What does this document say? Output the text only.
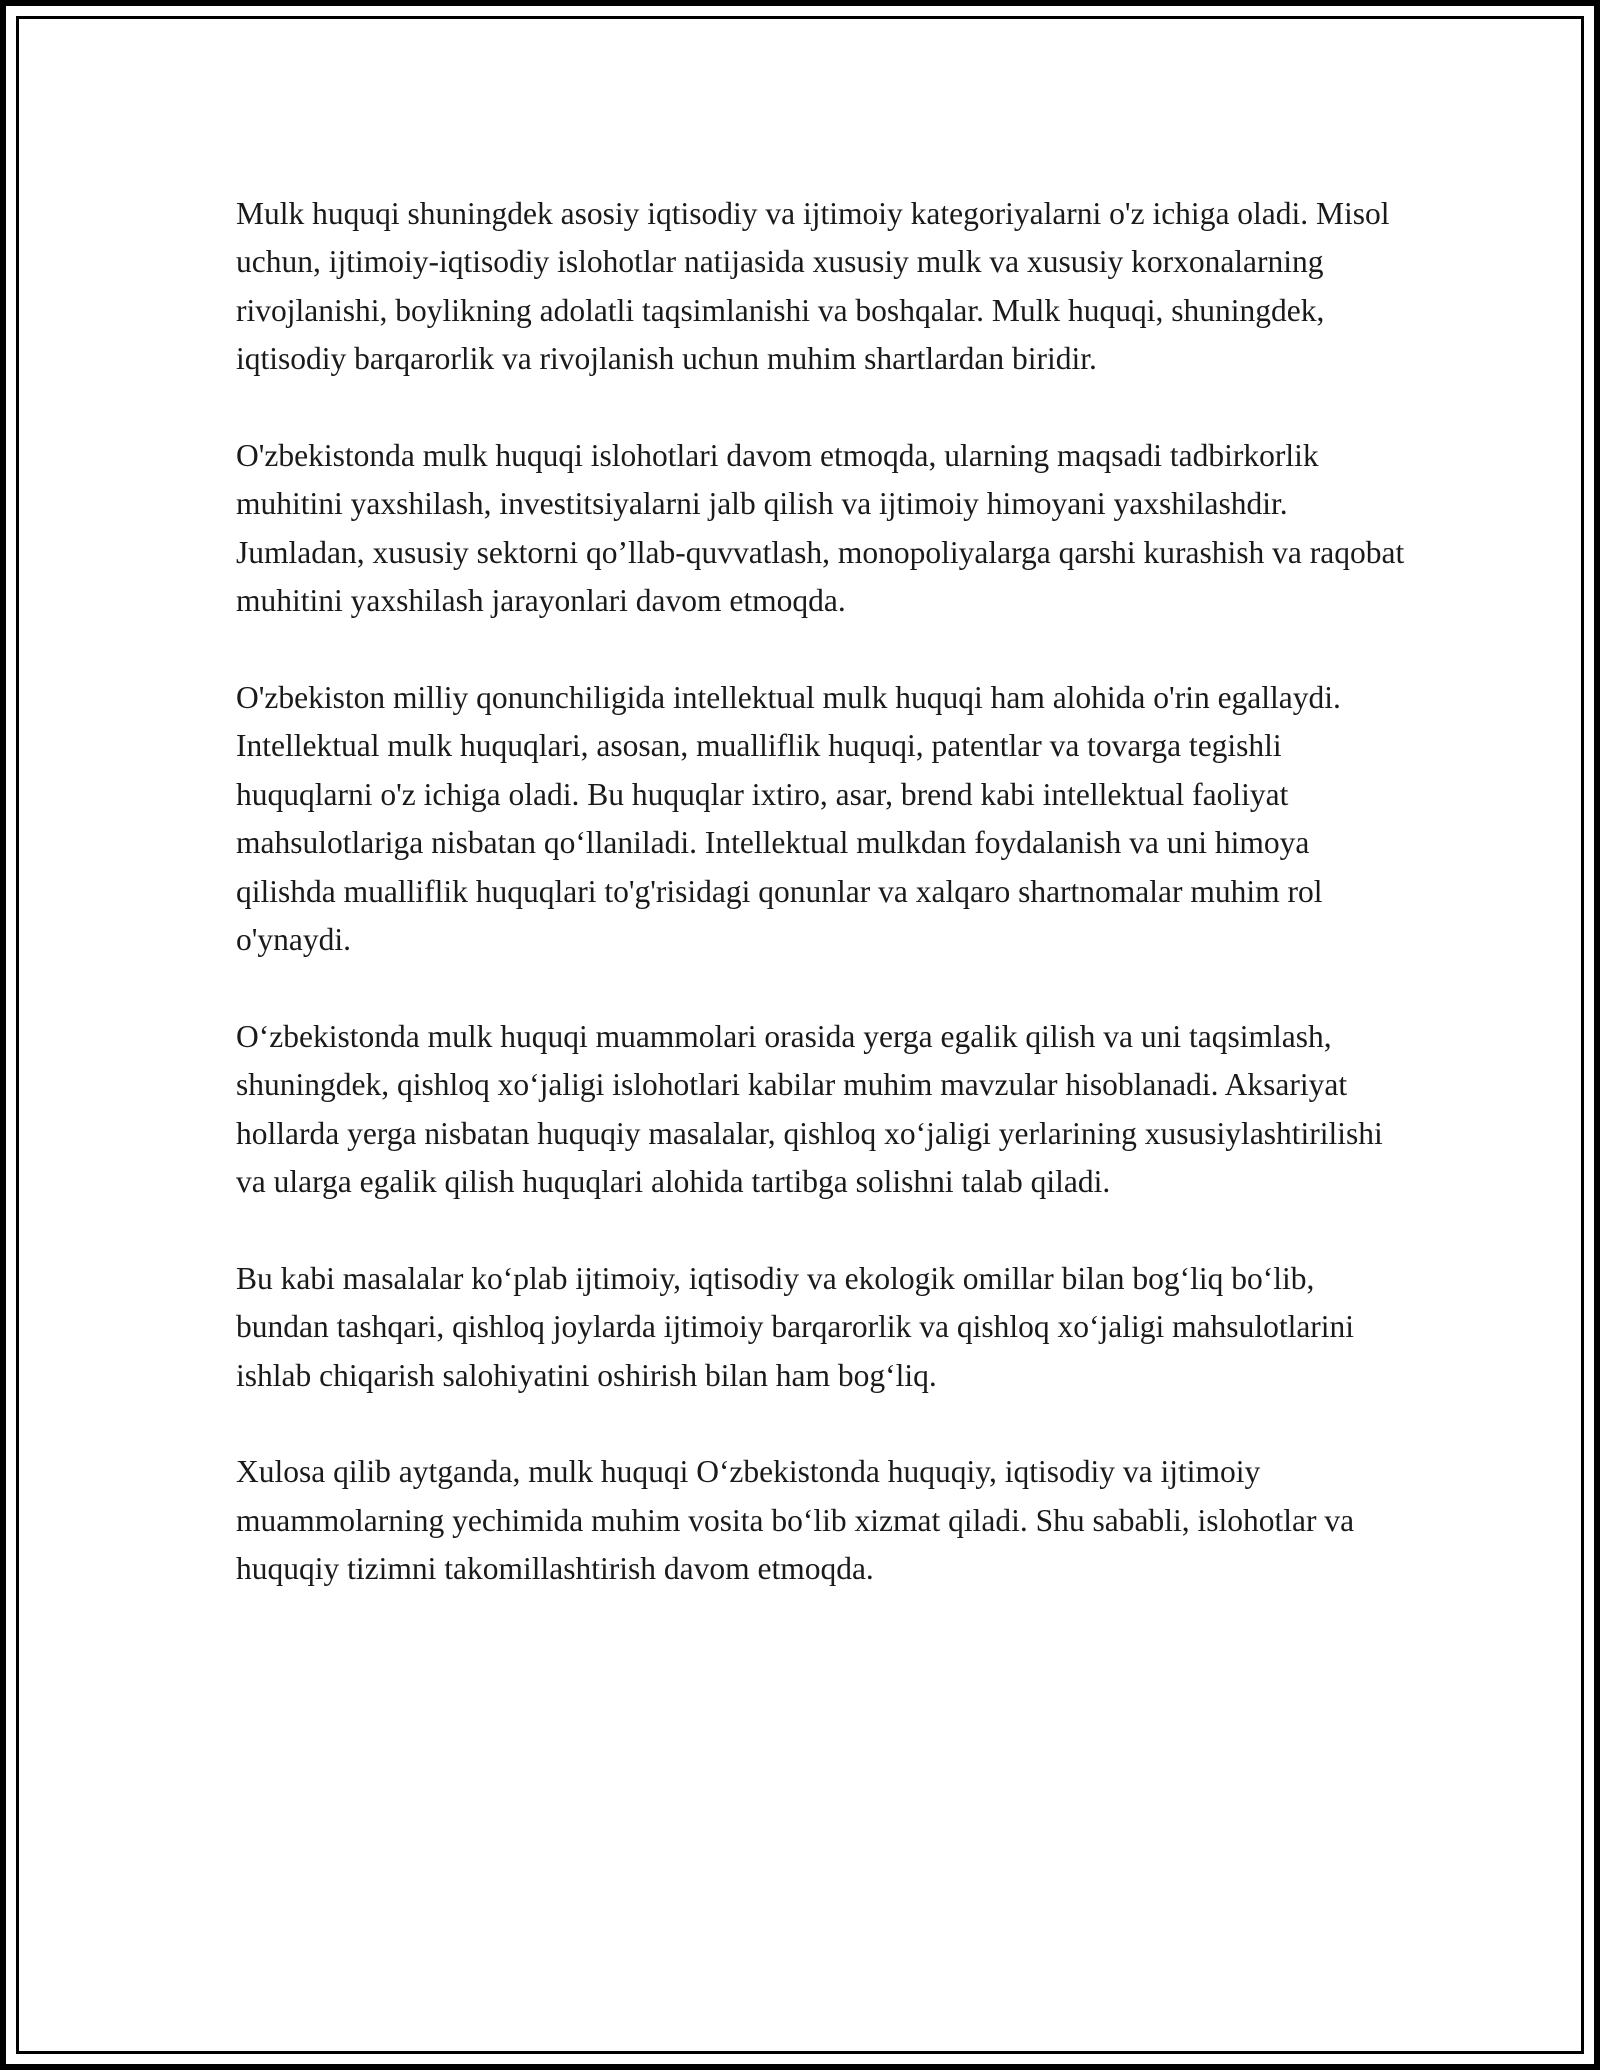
Mulk huquqi shuningdek asosiy iqtisodiy va ijtimoiy kategoriyalarni o'z ichiga oladi. Misol uchun, ijtimoiy-iqtisodiy islohotlar natijasida xususiy mulk va xususiy korxonalarning rivojlanishi, boylikning adolatli taqsimlanishi va boshqalar. Mulk huquqi, shuningdek, iqtisodiy barqarorlik va rivojlanish uchun muhim shartlardan biridir.

O'zbekistonda mulk huquqi islohotlari davom etmoqda, ularning maqsadi tadbirkorlik muhitini yaxshilash, investitsiyalarni jalb qilish va ijtimoiy himoyani yaxshilashdir. Jumladan, xususiy sektorni qo’llab-quvvatlash, monopoliyalarga qarshi kurashish va raqobat muhitini yaxshilash jarayonlari davom etmoqda.

O'zbekiston milliy qonunchiligida intellektual mulk huquqi ham alohida o'rin egallaydi. Intellektual mulk huquqlari, asosan, mualliflik huquqi, patentlar va tovarga tegishli huquqlarni o'z ichiga oladi. Bu huquqlar ixtiro, asar, brend kabi intellektual faoliyat mahsulotlariga nisbatan qo‘llaniladi. Intellektual mulkdan foydalanish va uni himoya qilishda mualliflik huquqlari to'g'risidagi qonunlar va xalqaro shartnomalar muhim rol o'ynaydi.

O‘zbekistonda mulk huquqi muammolari orasida yerga egalik qilish va uni taqsimlash, shuningdek, qishloq xo‘jaligi islohotlari kabilar muhim mavzular hisoblanadi. Aksariyat hollarda yerga nisbatan huquqiy masalalar, qishloq xo‘jaligi yerlarining xususiylashtirilishi va ularga egalik qilish huquqlari alohida tartibga solishni talab qiladi.

Bu kabi masalalar ko‘plab ijtimoiy, iqtisodiy va ekologik omillar bilan bog‘liq bo‘lib, bundan tashqari, qishloq joylarda ijtimoiy barqarorlik va qishloq xo‘jaligi mahsulotlarini ishlab chiqarish salohiyatini oshirish bilan ham bog‘liq.

Xulosa qilib aytganda, mulk huquqi O‘zbekistonda huquqiy, iqtisodiy va ijtimoiy muammolarning yechimida muhim vosita bo‘lib xizmat qiladi. Shu sababli, islohotlar va huquqiy tizimni takomillashtirish davom etmoqda.
